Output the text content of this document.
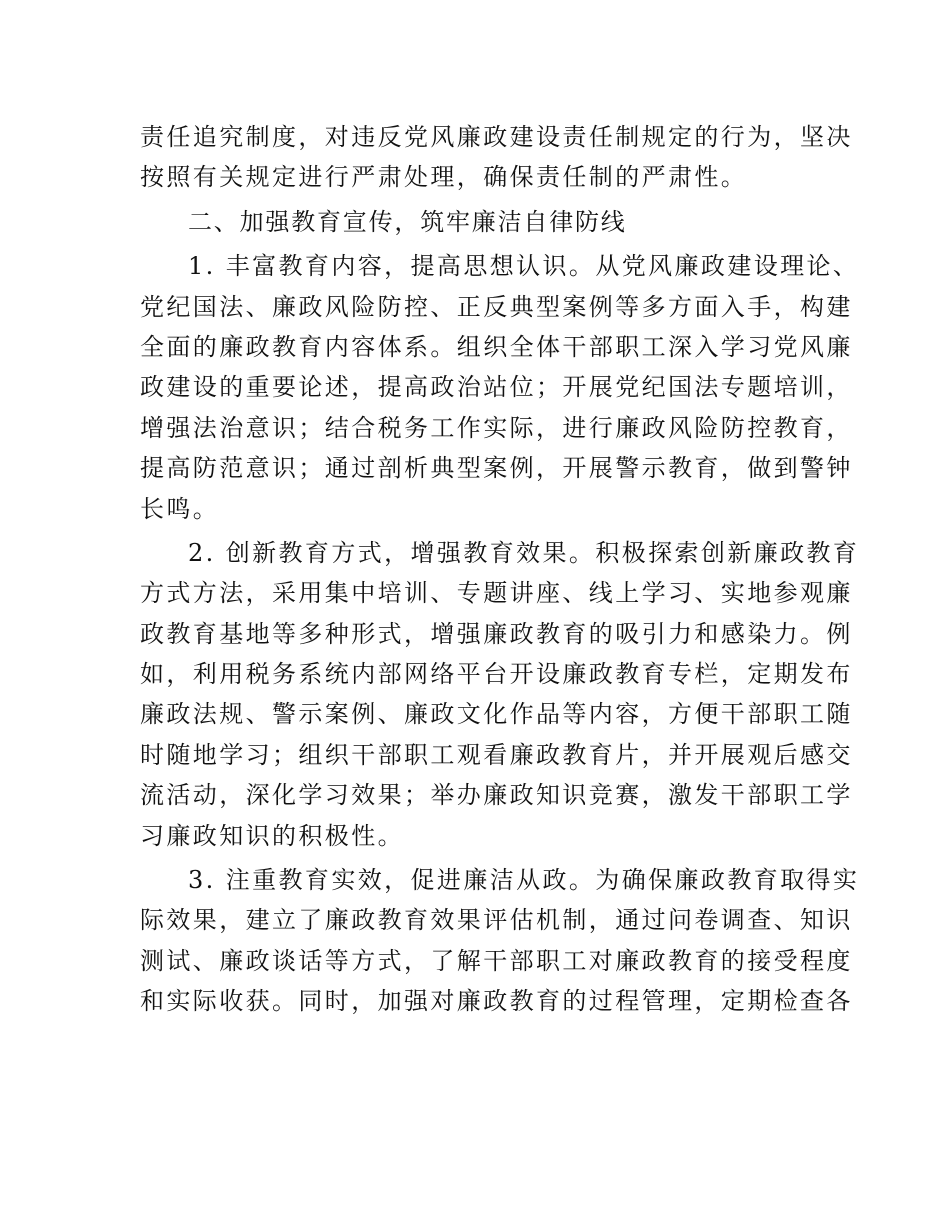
责任追究制度，对违反党风廉政建设责任制规定的行为，坚决
按照有关规定进行严肃处理，确保责任制的严肃性。
二、加强教育宣传，筑牢廉洁自律防线
1. 丰富教育内容，提高思想认识。从党风廉政建设理论、
党纪国法、廉政风险防控、正反典型案例等多方面入手，构建
全面的廉政教育内容体系。组织全体干部职工深入学习党风廉
政建设的重要论述，提高政治站位；开展党纪国法专题培训，
增强法治意识；结合税务工作实际，进行廉政风险防控教育，
提高防范意识；通过剖析典型案例，开展警示教育，做到警钟
长鸣。
2. 创新教育方式，增强教育效果。积极探索创新廉政教育
方式方法，采用集中培训、专题讲座、线上学习、实地参观廉
政教育基地等多种形式，增强廉政教育的吸引力和感染力。例
如，利用税务系统内部网络平台开设廉政教育专栏，定期发布
廉政法规、警示案例、廉政文化作品等内容，方便干部职工随
时随地学习；组织干部职工观看廉政教育片，并开展观后感交
流活动，深化学习效果；举办廉政知识竞赛，激发干部职工学
习廉政知识的积极性。
3. 注重教育实效，促进廉洁从政。为确保廉政教育取得实
际效果，建立了廉政教育效果评估机制，通过问卷调查、知识
测试、廉政谈话等方式，了解干部职工对廉政教育的接受程度
和实际收获。同时，加强对廉政教育的过程管理，定期检查各
